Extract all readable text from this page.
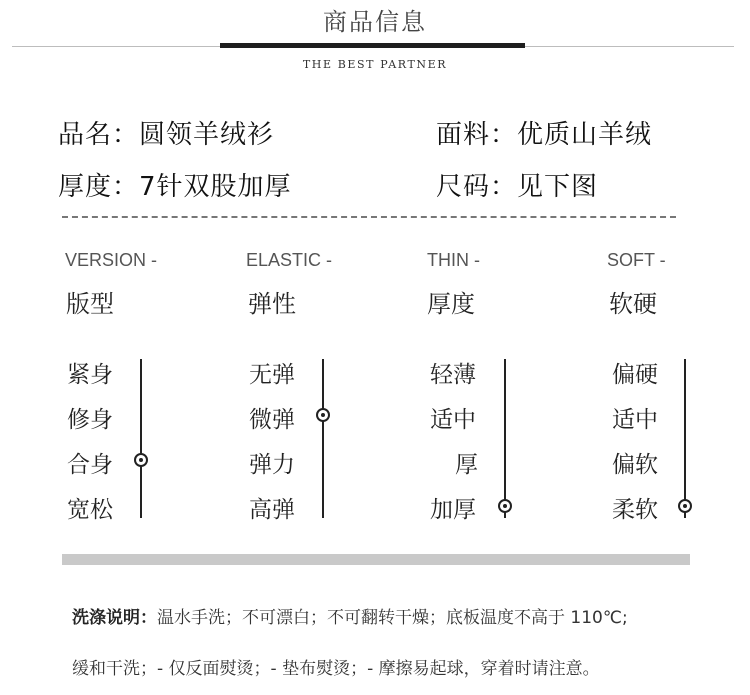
商品信息
THE BEST PARTNER
品名：圆领羊绒衫	面料：优质山羊绒
厚度：7针双股加厚	尺码：见下图
VERSION -
版型
紧身
修身
合身
宽松
ELASTIC -
弹性
无弹
微弹
弹力
高弹
THIN -
厚度
轻薄
适中
厚
加厚
SOFT -
软硬
偏硬
适中
偏软
柔软
洗涤说明：温水手洗；不可漂白；不可翻转干燥；底板温度不高于 110℃;
缓和干洗；- 仅反面熨烫；- 垫布熨烫；- 摩擦易起球，穿着时请注意。
